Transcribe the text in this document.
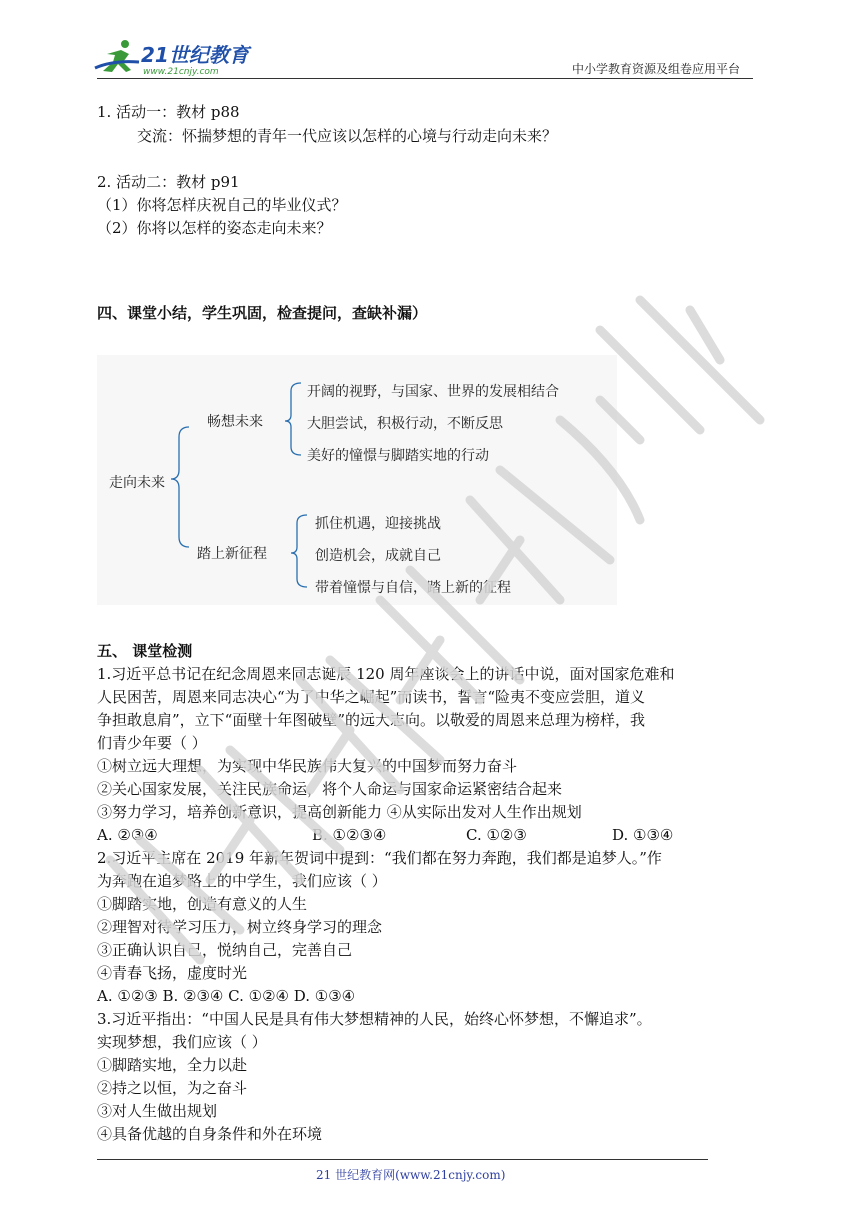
21世纪教育
www.21cnjy.com	中小学教育资源及组卷应用平台
1. 活动一：教材 p88
交流：怀揣梦想的青年一代应该以怎样的心境与行动走向未来？
2. 活动二：教材 p91
（1）你将怎样庆祝自己的毕业仪式？
（2）你将以怎样的姿态走向未来？
四、课堂小结，学生巩固，检查提问，查缺补漏）
走向未来
畅想未来
开阔的视野，与国家、世界的发展相结合
大胆尝试，积极行动，不断反思
美好的憧憬与脚踏实地的行动
踏上新征程
抓住机遇，迎接挑战
创造机会，成就自己
带着憧憬与自信，踏上新的征程
五、 课堂检测
1.习近平总书记在纪念周恩来同志诞辰 120 周年座谈会上的讲话中说，面对国家危难和
人民困苦，周恩来同志决心“为了中华之崛起”而读书，誓言“险夷不变应尝胆，道义
争担敢息肩”，立下“面壁十年图破壁”的远大志向。以敬爱的周恩来总理为榜样，我
们青少年要（ ）
①树立远大理想，为实现中华民族伟大复兴的中国梦而努力奋斗
②关心国家发展，关注民族命运，将个人命运与国家命运紧密结合起来
③努力学习，培养创新意识，提高创新能力 ④从实际出发对人生作出规划
A. ②③④	B. ①②③④	C. ①②③	D. ①③④
2.习近平主席在 2019 年新年贺词中提到：“我们都在努力奔跑，我们都是追梦人。”作
为奔跑在追梦路上的中学生，我们应该（ ）
①脚踏实地，创造有意义的人生
②理智对待学习压力，树立终身学习的理念
③正确认识自己，悦纳自己，完善自己
④青春飞扬，虚度时光
A. ①②③ B. ②③④ C. ①②④ D. ①③④
3.习近平指出：“中国人民是具有伟大梦想精神的人民，始终心怀梦想，不懈追求”。
实现梦想，我们应该（ ）
①脚踏实地，全力以赴
②持之以恒，为之奋斗
③对人生做出规划
④具备优越的自身条件和外在环境
21 世纪教育网(www.21cnjy.com)
